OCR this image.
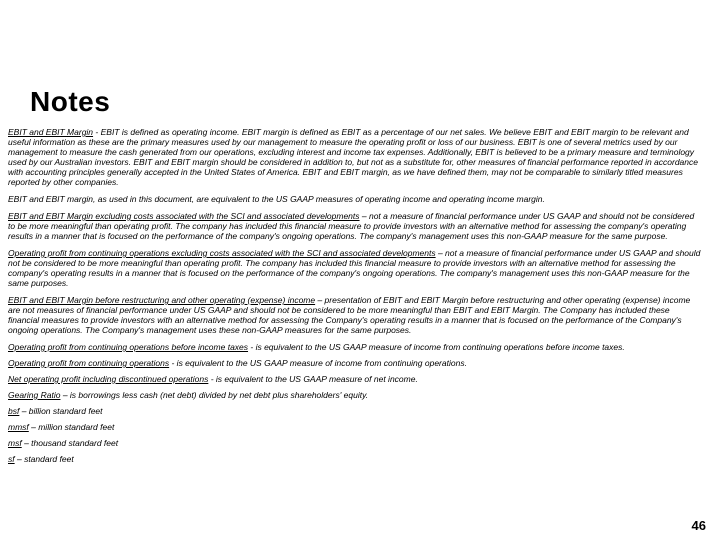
Notes

EBIT and EBIT Margin - EBIT is defined as operating income. EBIT margin is defined as EBIT as a percentage of our net sales. We believe EBIT and EBIT margin to be relevant and useful information as these are the primary measures used by our management to measure the operating profit or loss of our business. EBIT is one of several metrics used by our management to measure the cash generated from our operations, excluding interest and income tax expenses. Additionally, EBIT is believed to be a primary measure and terminology used by our Australian investors. EBIT and EBIT margin should be considered in addition to, but not as a substitute for, other measures of financial performance reported in accordance with accounting principles generally accepted in the United States of America. EBIT and EBIT margin, as we have defined them, may not be comparable to similarly titled measures reported by other companies.

EBIT and EBIT margin, as used in this document, are equivalent to the US GAAP measures of operating income and operating income margin.

EBIT and EBIT Margin excluding costs associated with the SCI and associated developments – not a measure of financial performance under US GAAP and should not be considered to be more meaningful than operating profit. The company has included this financial measure to provide investors with an alternative method for assessing the company's operating results in a manner that is focused on the performance of the company's ongoing operations. The company's management uses this non-GAAP measure for the same purpose.

Operating profit from continuing operations excluding costs associated with the SCI and associated developments – not a measure of financial performance under US GAAP and should not be considered to be more meaningful than operating profit. The company has included this financial measure to provide investors with an alternative method for assessing the company's operating results in a manner that is focused on the performance of the company's ongoing operations. The company's management uses this non-GAAP measure for the same purposes.

EBIT and EBIT Margin before restructuring and other operating (expense) income – presentation of EBIT and EBIT Margin before restructuring and other operating (expense) income are not measures of financial performance under US GAAP and should not be considered to be more meaningful than EBIT and EBIT Margin. The Company has included these financial measures to provide investors with an alternative method for assessing the Company's operating results in a manner that is focused on the performance of the Company's ongoing operations. The Company's management uses these non-GAAP measures for the same purposes.

Operating profit from continuing operations before income taxes - is equivalent to the US GAAP measure of income from continuing operations before income taxes.

Operating profit from continuing operations - is equivalent to the US GAAP measure of income from continuing operations.

Net operating profit including discontinued operations - is equivalent to the US GAAP measure of net income.

Gearing Ratio – is borrowings less cash (net debt) divided by net debt plus shareholders' equity.

bsf – billion standard feet

mmsf – million standard feet

msf – thousand standard feet

sf – standard feet

46
